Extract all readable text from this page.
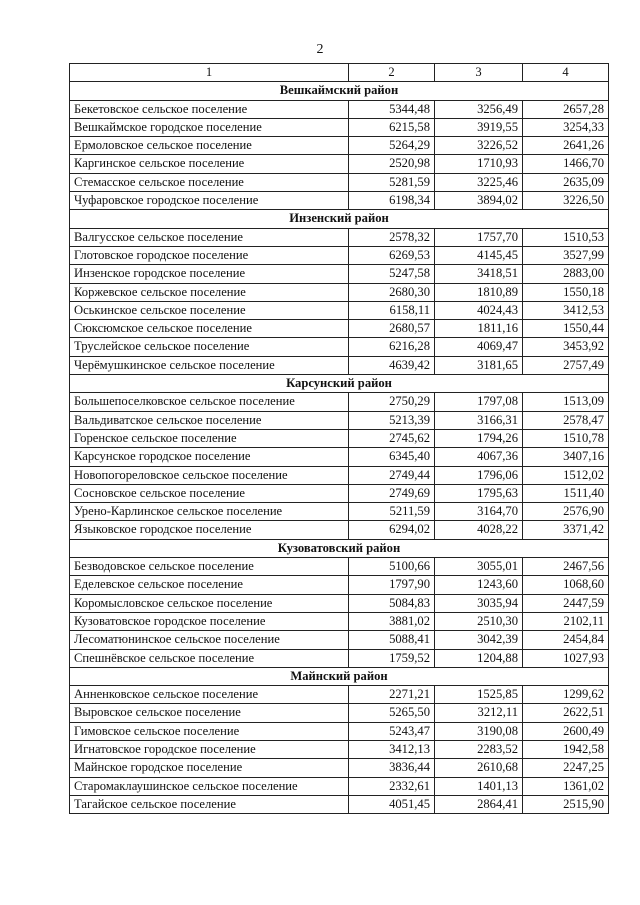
2
1	2	3	4
Вешкаймский район			
Бекетовское сельское поселение	5344,48	3256,49	2657,28
Вешкаймское городское поселение	6215,58	3919,55	3254,33
Ермоловское сельское поселение	5264,29	3226,52	2641,26
Каргинское сельское поселение	2520,98	1710,93	1466,70
Стемасское сельское поселение	5281,59	3225,46	2635,09
Чуфаровское городское поселение	6198,34	3894,02	3226,50
Инзенский район			
Валгусское сельское поселение	2578,32	1757,70	1510,53
Глотовское городское поселение	6269,53	4145,45	3527,99
Инзенское городское поселение	5247,58	3418,51	2883,00
Коржевское сельское поселение	2680,30	1810,89	1550,18
Оськинское сельское поселение	6158,11	4024,43	3412,53
Сюксюмское сельское поселение	2680,57	1811,16	1550,44
Труслейское сельское поселение	6216,28	4069,47	3453,92
Черёмушкинское сельское поселение	4639,42	3181,65	2757,49
Карсунский район			
Большепоселковское сельское поселение	2750,29	1797,08	1513,09
Вальдиватское сельское поселение	5213,39	3166,31	2578,47
Горенское сельское поселение	2745,62	1794,26	1510,78
Карсунское городское поселение	6345,40	4067,36	3407,16
Новопогореловское сельское поселение	2749,44	1796,06	1512,02
Сосновское сельское поселение	2749,69	1795,63	1511,40
Урено-Карлинское сельское поселение	5211,59	3164,70	2576,90
Языковское городское поселение	6294,02	4028,22	3371,42
Кузоватовский район			
Безводовское сельское поселение	5100,66	3055,01	2467,56
Еделевское сельское поселение	1797,90	1243,60	1068,60
Коромысловское сельское поселение	5084,83	3035,94	2447,59
Кузоватовское городское поселение	3881,02	2510,30	2102,11
Лесоматюнинское сельское поселение	5088,41	3042,39	2454,84
Спешнёвское сельское поселение	1759,52	1204,88	1027,93
Майнский район			
Анненковское сельское поселение	2271,21	1525,85	1299,62
Выровское сельское поселение	5265,50	3212,11	2622,51
Гимовское сельское поселение	5243,47	3190,08	2600,49
Игнатовское городское поселение	3412,13	2283,52	1942,58
Майнское городское поселение	3836,44	2610,68	2247,25
Старомаклаушинское сельское поселение	2332,61	1401,13	1361,02
Тагайское сельское поселение	4051,45	2864,41	2515,90
